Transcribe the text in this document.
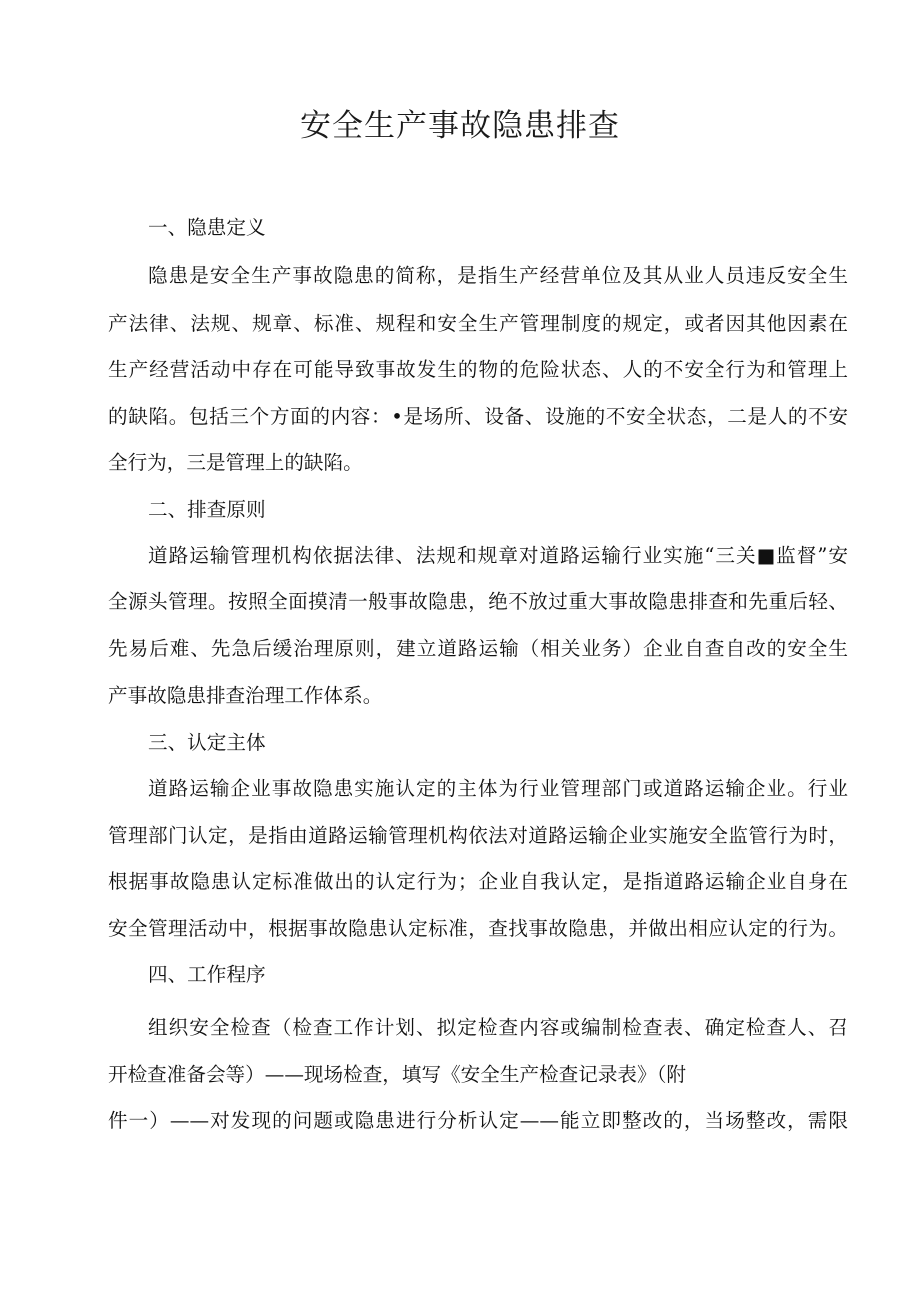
安全生产事故隐患排查
一、隐患定义
隐患是安全生产事故隐患的简称，是指生产经营单位及其从业人员违反安全生
产法律、法规、规章、标准、规程和安全生产管理制度的规定，或者因其他因素在
生产经营活动中存在可能导致事故发生的物的危险状态、人的不安全行为和管理上
的缺陷。包括三个方面的内容：•是场所、设备、设施的不安全状态，二是人的不安
全行为，三是管理上的缺陷。
二、排查原则
道路运输管理机构依据法律、法规和规章对道路运输行业实施“三关■监督”安
全源头管理。按照全面摸清一般事故隐患，绝不放过重大事故隐患排查和先重后轻、
先易后难、先急后缓治理原则，建立道路运输（相关业务）企业自查自改的安全生
产事故隐患排查治理工作体系。
三、认定主体
道路运输企业事故隐患实施认定的主体为行业管理部门或道路运输企业。行业
管理部门认定，是指由道路运输管理机构依法对道路运输企业实施安全监管行为时，
根据事故隐患认定标准做出的认定行为；企业自我认定，是指道路运输企业自身在
安全管理活动中，根据事故隐患认定标准，查找事故隐患，并做出相应认定的行为。
四、工作程序
组织安全检查（检查工作计划、拟定检查内容或编制检查表、确定检查人、召
开检查准备会等）——现场检查，填写《安全生产检查记录表》（附
件一）——对发现的问题或隐患进行分析认定——能立即整改的，当场整改，需限
